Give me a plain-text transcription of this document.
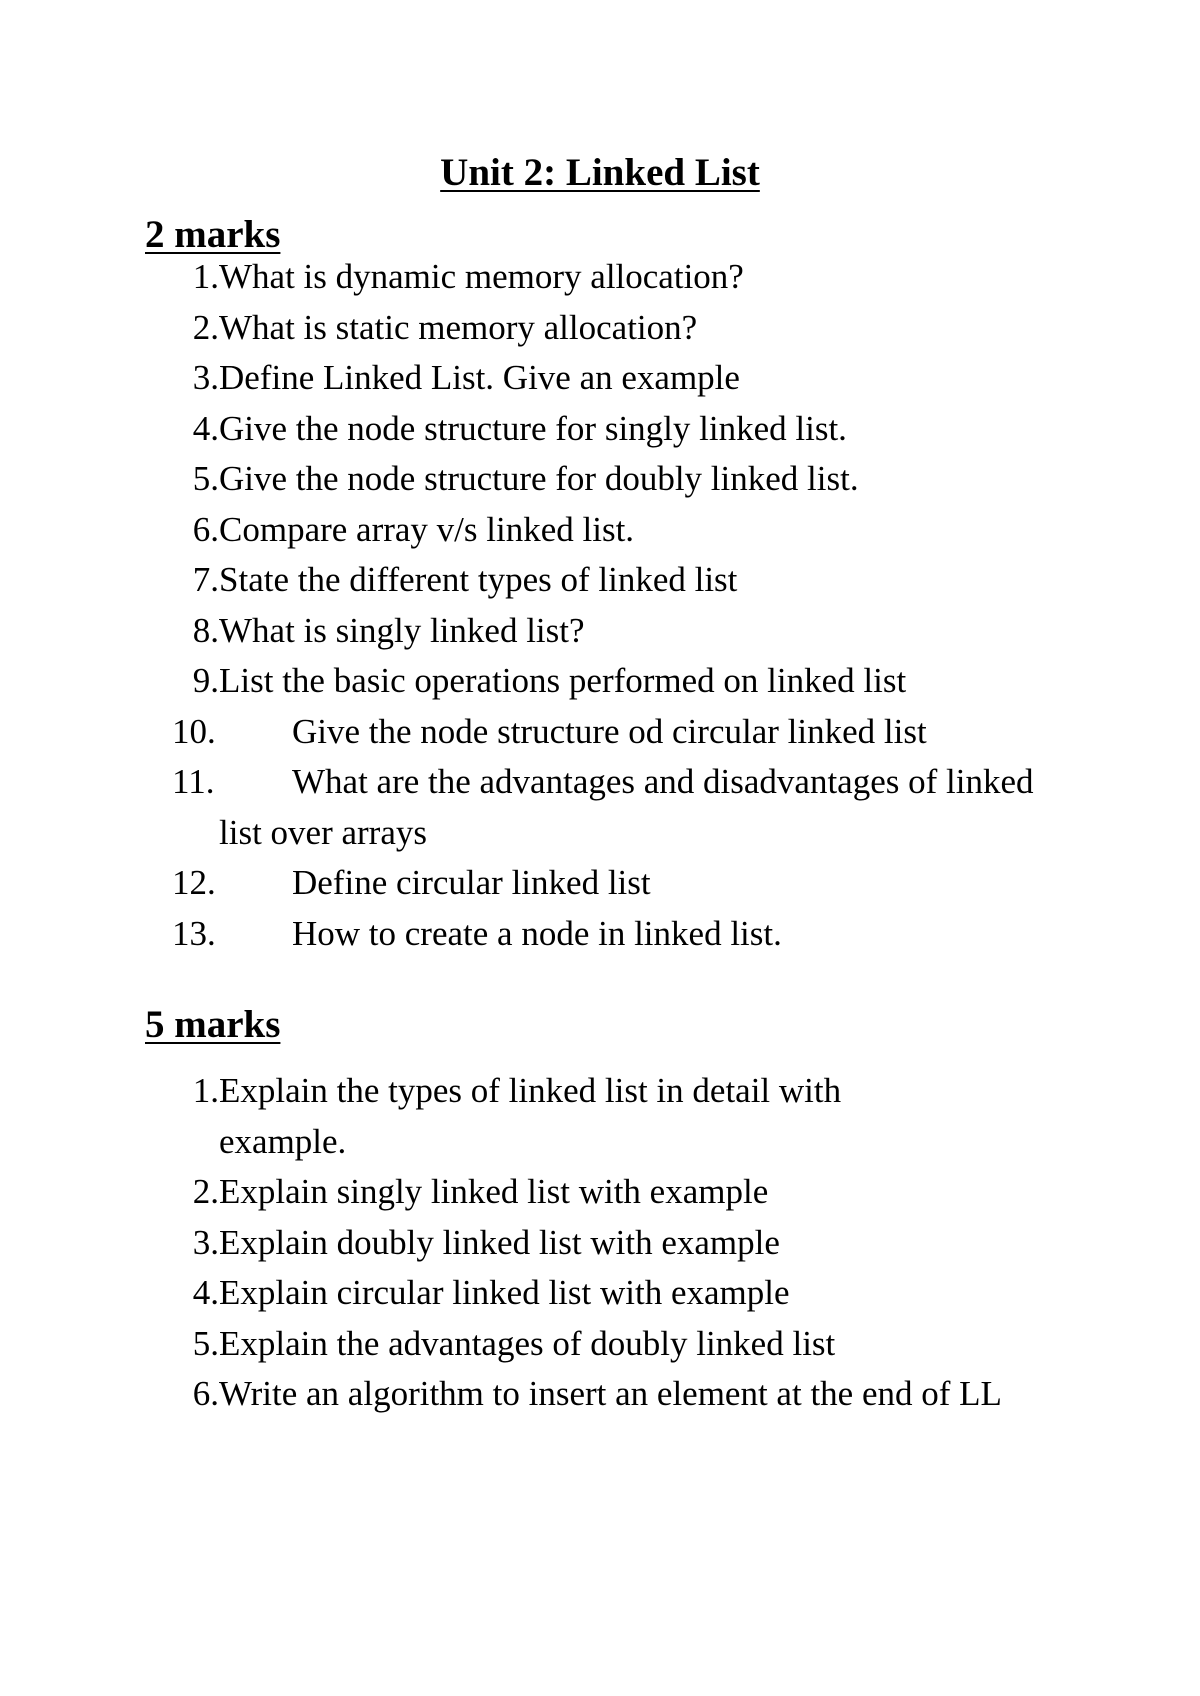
Unit 2: Linked List
2 marks
1. What is dynamic memory allocation?
2. What is static memory allocation?
3. Define Linked List. Give an example
4. Give the node structure for singly linked list.
5. Give the node structure for doubly linked list.
6. Compare array v/s linked list.
7. State the different types of linked list
8. What is singly linked list?
9. List the basic operations performed on linked list
10.	Give the node structure od circular linked list
11.	What are the advantages and disadvantages of linked list over arrays
12.	Define circular linked list
13.	How to create a node in linked list.
5 marks
1. Explain the types of linked list in detail with example.
2. Explain singly linked list with example
3. Explain doubly linked list with example
4. Explain circular linked list with example
5. Explain the advantages of doubly linked list
6. Write an algorithm to insert an element at the end of LL
